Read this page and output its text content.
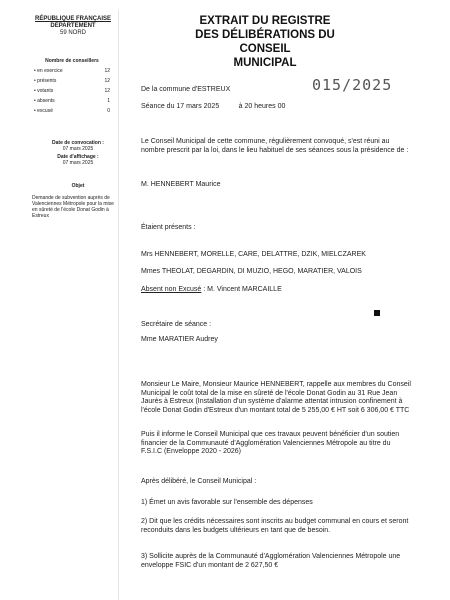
RÉPUBLIQUE FRANÇAISE
DÉPARTEMENT
59 NORD
Nombre de conseillers
• en exercice	12
• présents	12
• votants	12
• absents	1
• excusé	0
Date de convocation :
07 mars 2025
Date d'affichage :
07 mars 2025
Objet
Demande de subvention auprès de Valenciennes Métropole pour la mise en sûreté de l'école Donat Godin à Estreux
EXTRAIT DU REGISTRE
DES DÉLIBÉRATIONS DU CONSEIL
MUNICIPAL
De la commune d'ESTREUX	015/2025
Séance du 17 mars 2025          à 20 heures 00
Le Conseil Municipal de cette commune, régulièrement convoqué, s'est réuni au nombre prescrit par la loi, dans le lieu habituel de ses séances sous la présidence de :
M. HENNEBERT Maurice
Étaient présents :
Mrs HENNEBERT, MORELLE, CARE, DELATTRE, DZIK, MIELCZAREK
Mmes THEOLAT, DEGARDIN, DI MUZIO, HEGO, MARATIER, VALOIS
Absent non Excusé : M. Vincent MARCAILLE
Secrétaire de séance :
Mme MARATIER Audrey
Monsieur Le Maire, Monsieur Maurice HENNEBERT, rappelle aux membres du Conseil Municipal le coût total de la mise en sûreté de l'école Donat Godin au 31 Rue Jean Jaurès à Estreux (Installation d'un système d'alarme attentat intrusion confinement à l'école Donat Godin d'Estreux d'un montant total de 5 255,00 € HT soit 6 306,00 € TTC
Puis il informe le Conseil Municipal que ces travaux peuvent bénéficier d'un soutien financier de la Communauté d'Agglomération Valenciennes Métropole au titre du F.S.I.C (Enveloppe 2020 - 2026)
Après délibéré, le Conseil Municipal :
1) Émet un avis favorable sur l'ensemble des dépenses
2) Dit que les crédits nécessaires sont inscrits au budget communal en cours et seront reconduits dans les budgets ultérieurs en tant que de besoin.
3) Sollicite auprès de la Communauté d'Agglomération Valenciennes Métropole une enveloppe FSIC d'un montant de 2 627,50 €
